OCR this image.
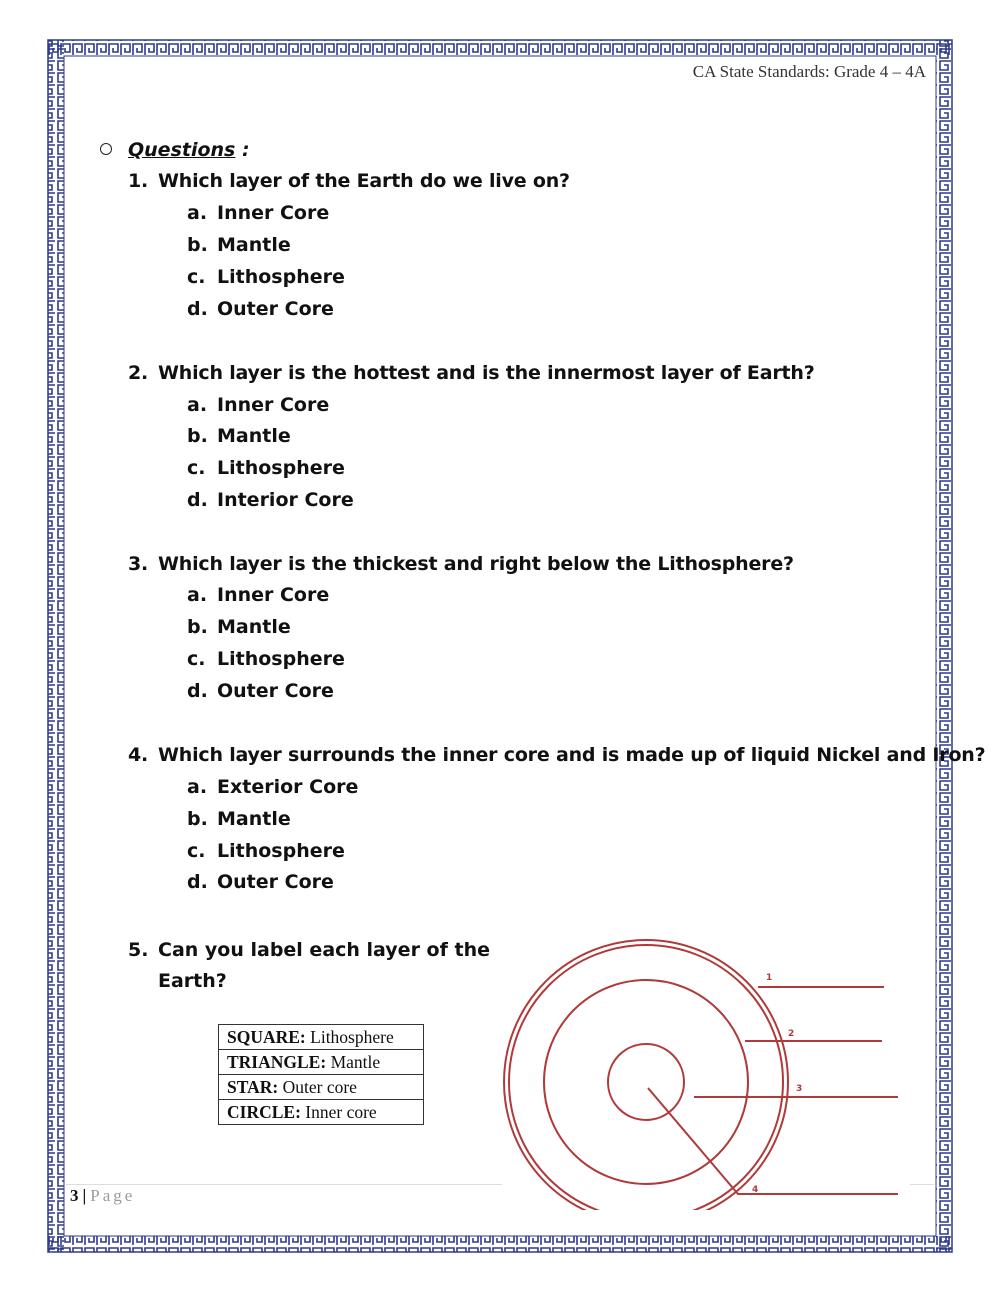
CA State Standards: Grade 4 – 4A
Questions :
1. Which layer of the Earth do we live on?
a. Inner Core
b. Mantle
c. Lithosphere
d. Outer Core
2. Which layer is the hottest and is the innermost layer of Earth?
a. Inner Core
b. Mantle
c. Lithosphere
d. Interior Core
3. Which layer is the thickest and right below the Lithosphere?
a. Inner Core
b. Mantle
c. Lithosphere
d. Outer Core
4. Which layer surrounds the inner core and is made up of liquid Nickel and Iron?
a. Exterior Core
b. Mantle
c. Lithosphere
d. Outer Core
5. Can you label each layer of the
Earth?
SQUARE: Lithosphere
TRIANGLE: Mantle
STAR: Outer core
CIRCLE: Inner core
1
2
3
4
3 | Page
